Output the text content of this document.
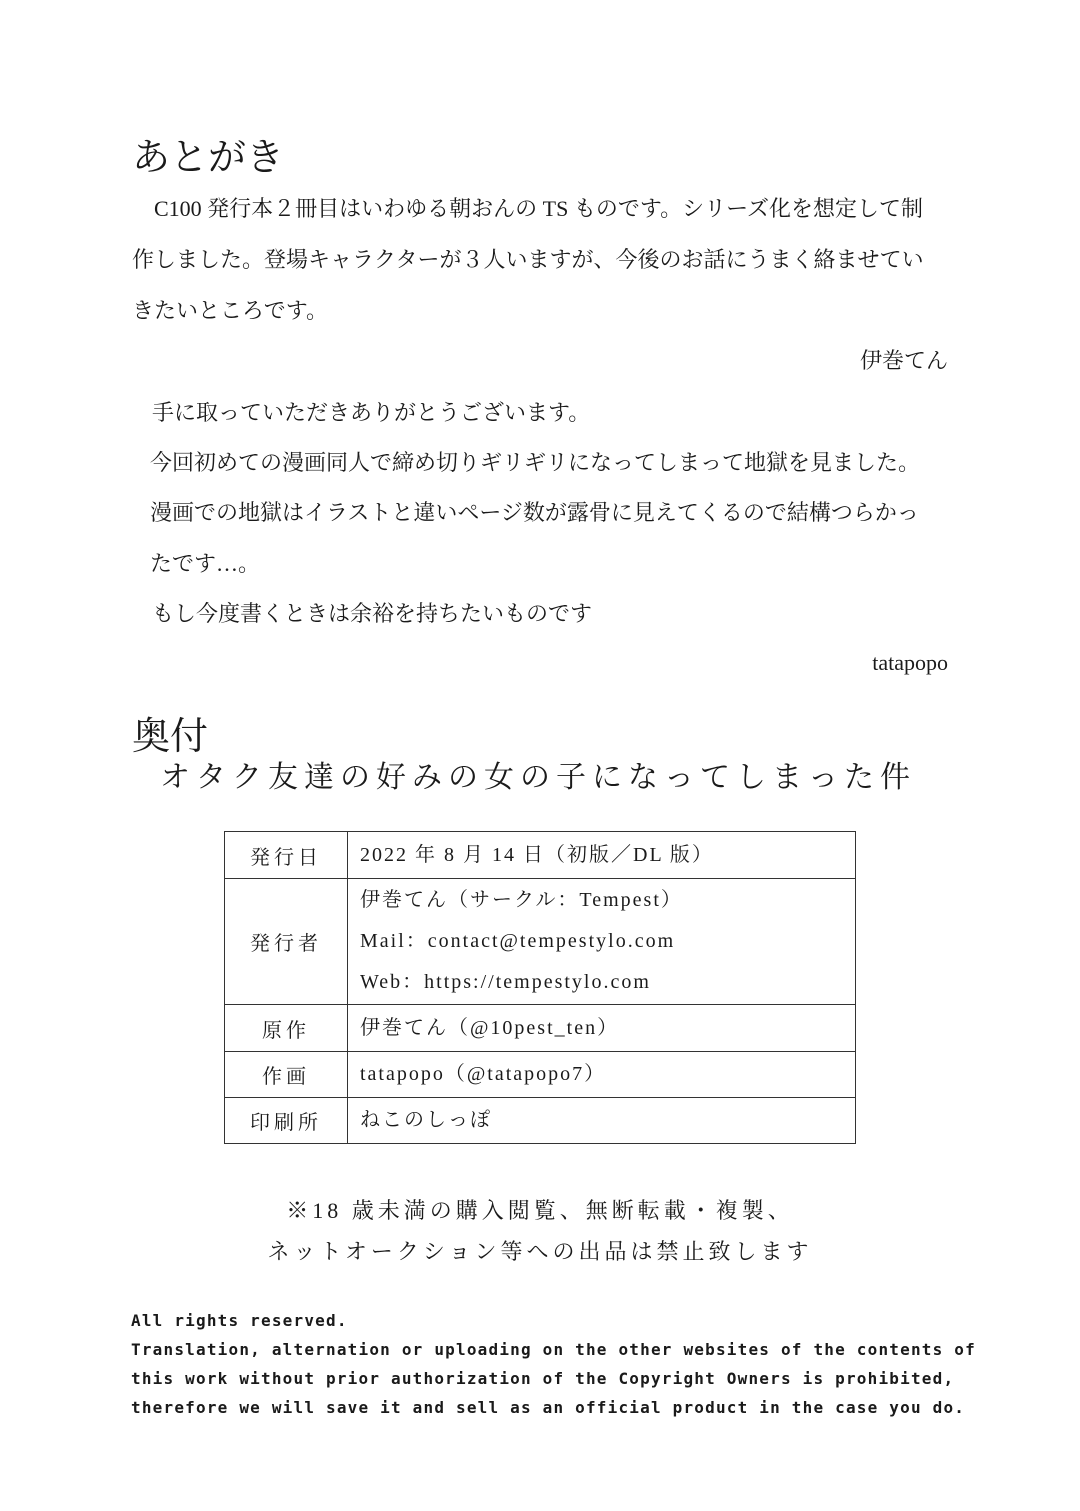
あとがき
　C100 発行本２冊目はいわゆる朝おんの TS ものです。シリーズ化を想定して制
作しました。登場キャラクターが３人いますが、今後のお話にうまく絡ませてい
きたいところです。
伊巻てん
手に取っていただきありがとうございます。
今回初めての漫画同人で締め切りギリギリになってしまって地獄を見ました。
漫画での地獄はイラストと違いページ数が露骨に見えてくるので結構つらかっ
たです…。
もし今度書くときは余裕を持ちたいものです
tatapopo
奥付
オタク友達の好みの女の子になってしまった件
発行日	2022 年 8 月 14 日（初版／DL 版）

発行者	伊巻てん（サークル：Tempest）

Mail：contact@tempestylo.com

Web：https://tempestylo.com

原作	伊巻てん（@10pest_ten）

作画	tatapopo（@tatapopo7）

印刷所	ねこのしっぽ

※18 歳未満の購入閲覧、無断転載・複製、
ネットオークション等への出品は禁止致します
All rights reserved.
Translation, alternation or uploading on the other websites of the contents of
this work without prior authorization of the Copyright Owners is prohibited,
therefore we will save it and sell as an official product in the case you do.
